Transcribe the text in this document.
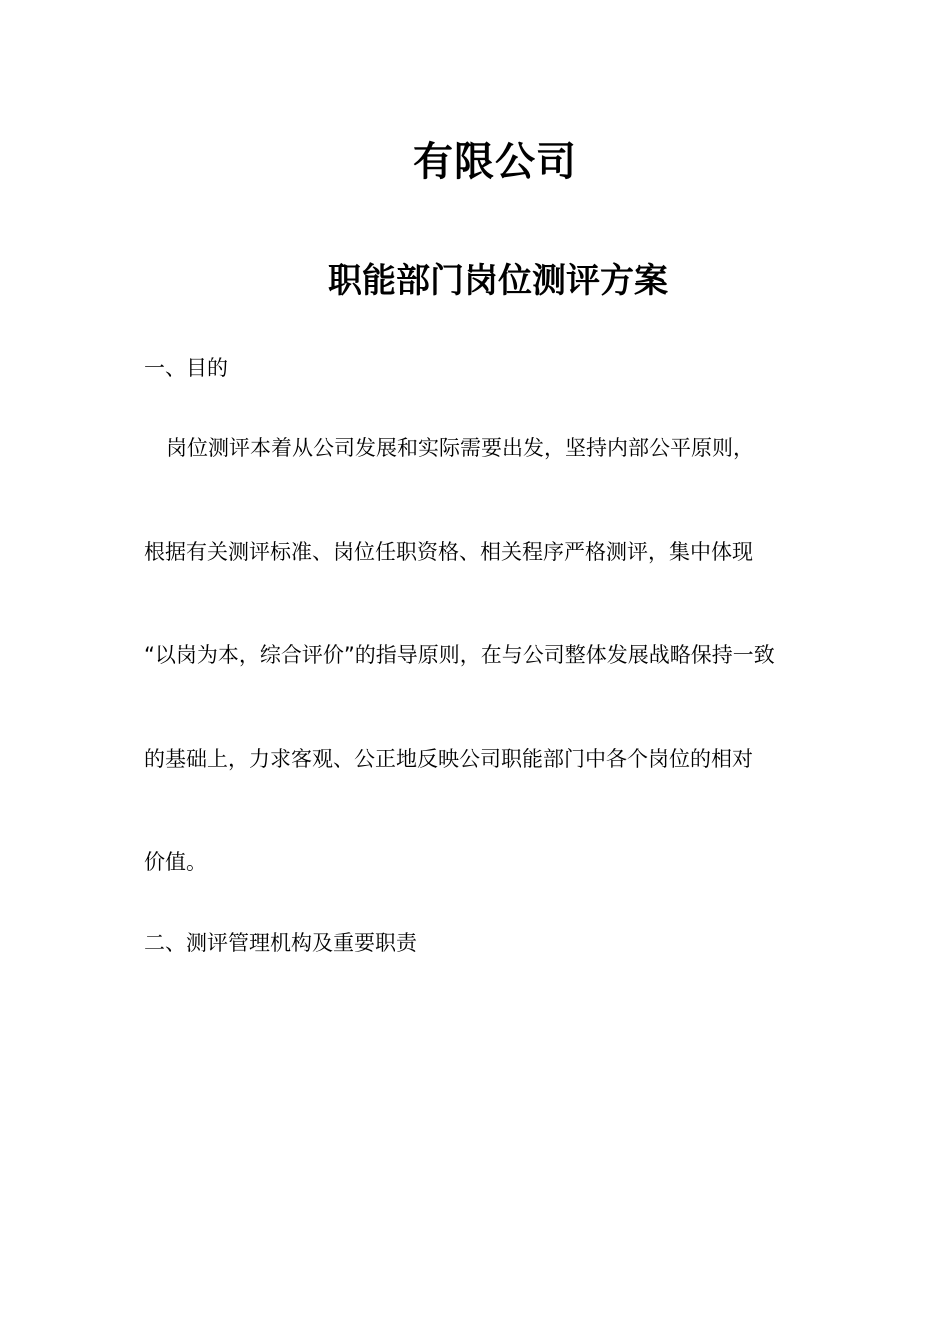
有限公司
职能部门岗位测评方案
一、目的
岗位测评本着从公司发展和实际需要出发，坚持内部公平原则，
根据有关测评标准、岗位任职资格、相关程序严格测评，集中体现
“以岗为本，综合评价”的指导原则，在与公司整体发展战略保持一致
的基础上，力求客观、公正地反映公司职能部门中各个岗位的相对
价值。
二、测评管理机构及重要职责
